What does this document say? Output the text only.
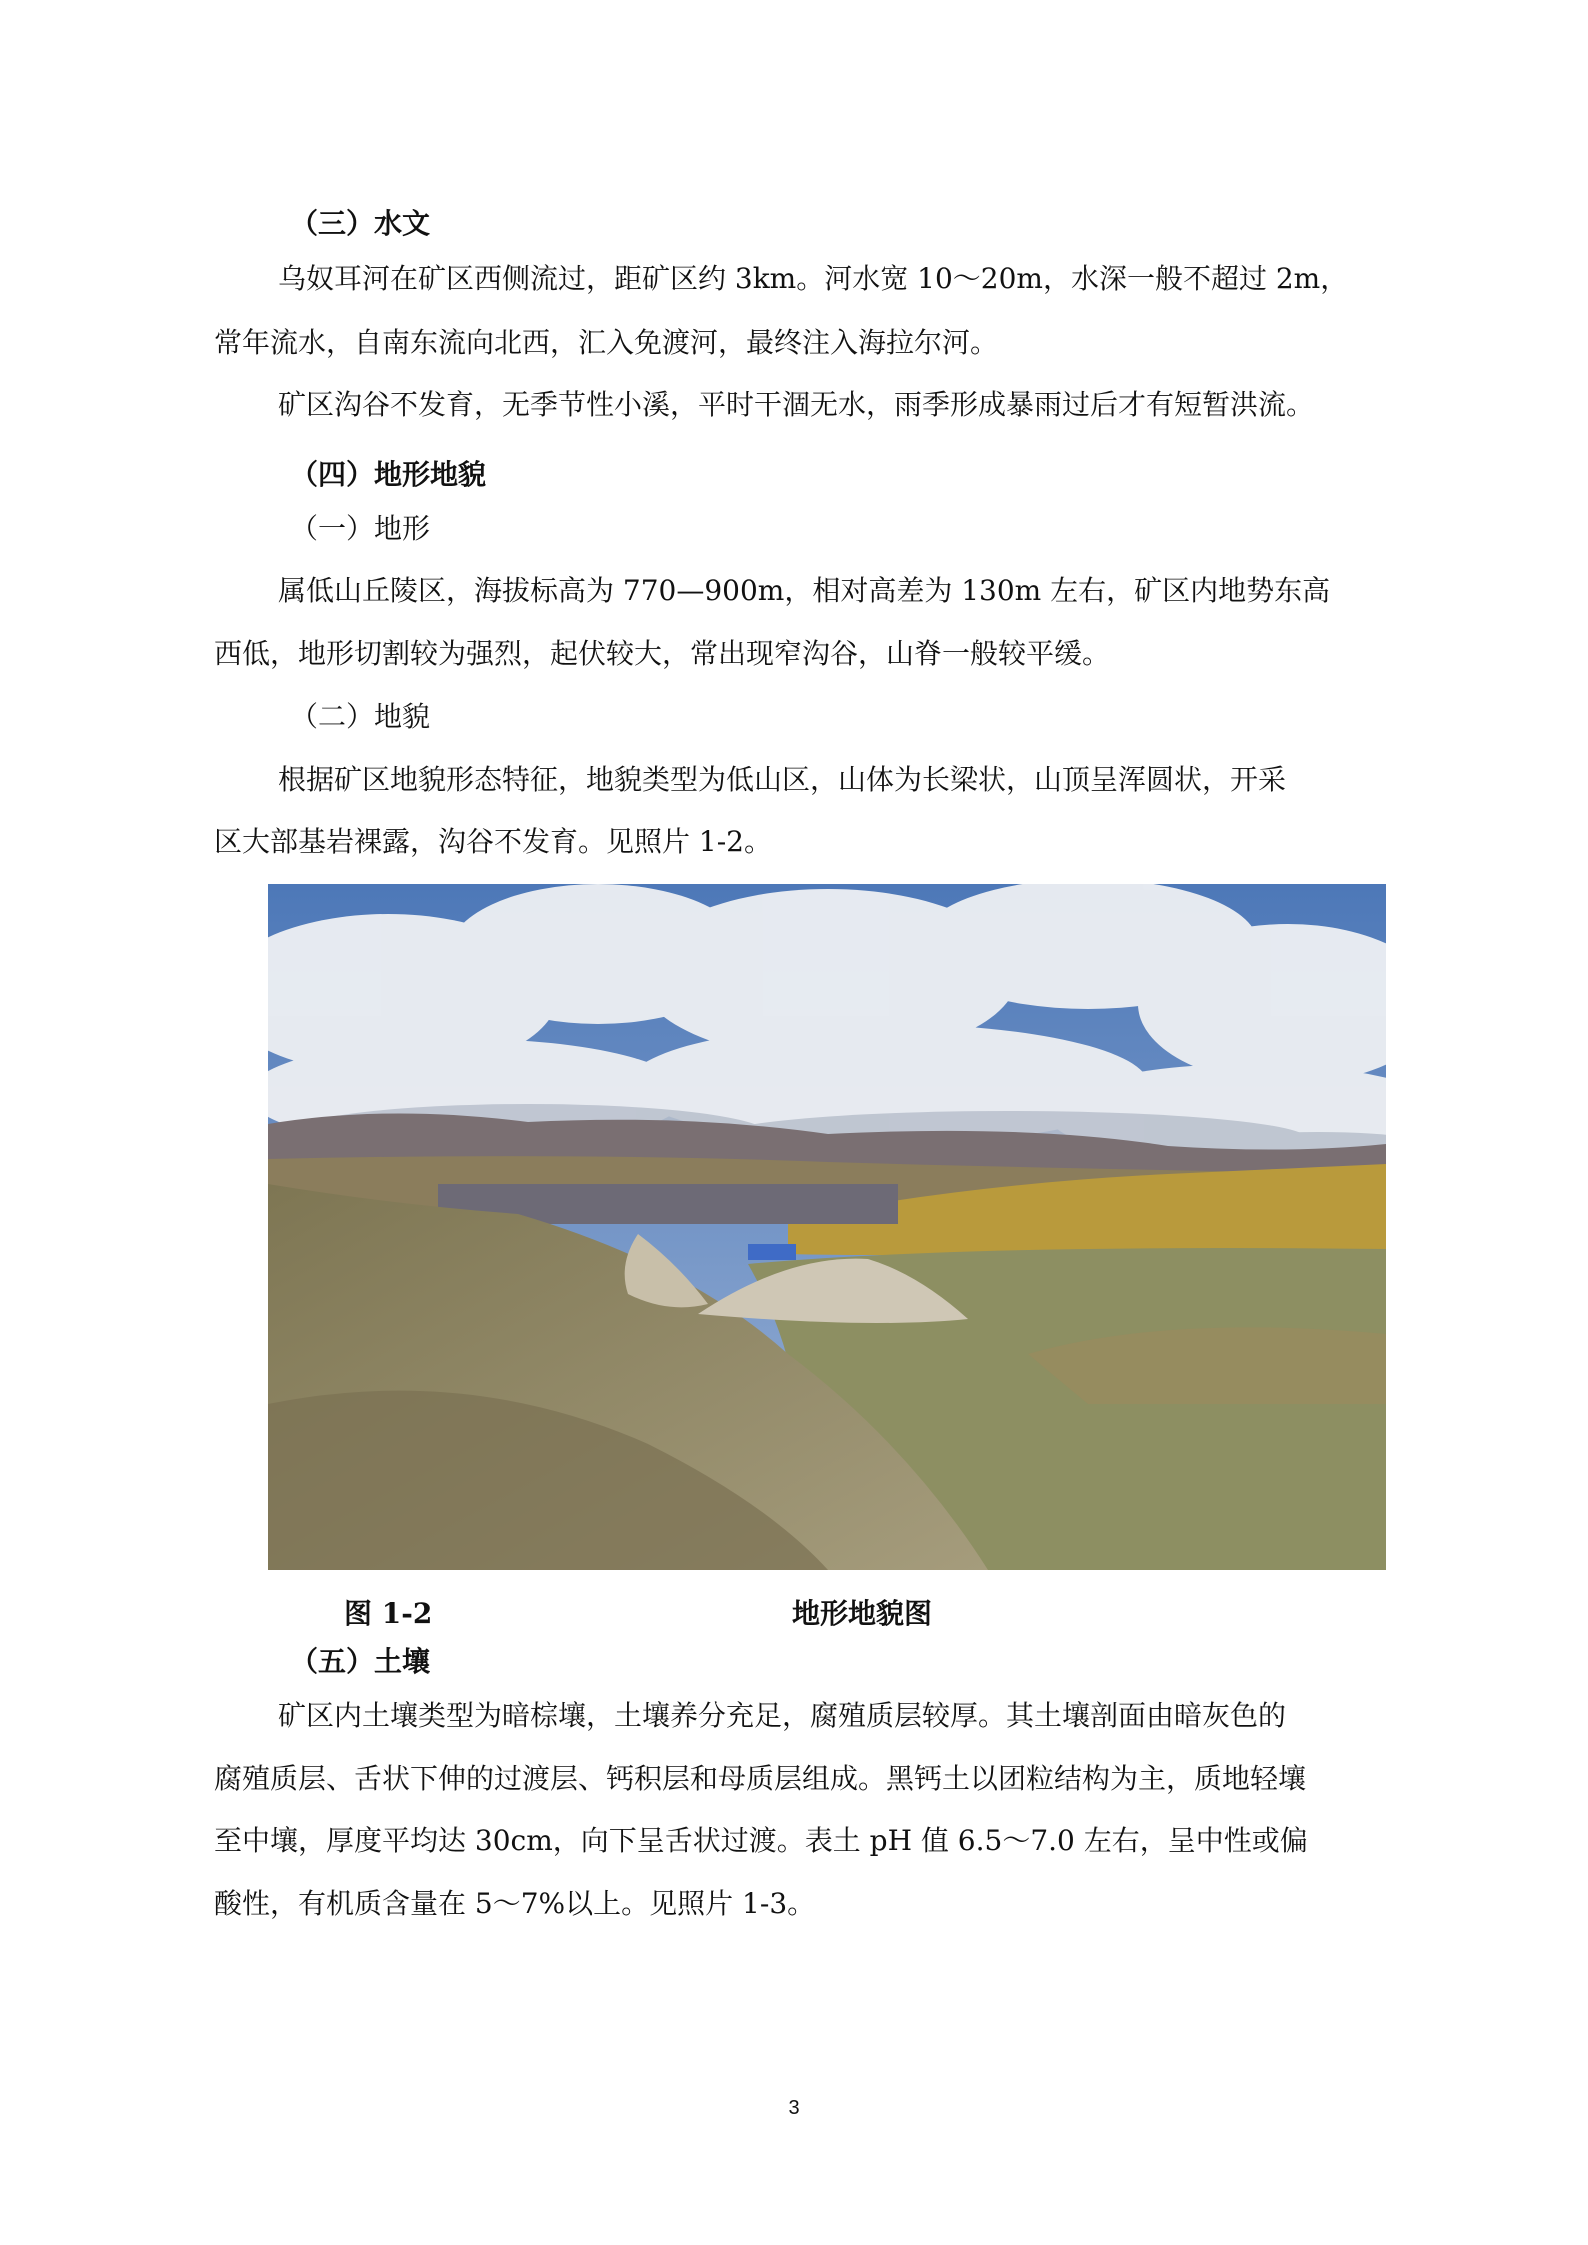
（三）水文
乌奴耳河在矿区西侧流过，距矿区约 3km。河水宽 10～20m，水深一般不超过 2m，
常年流水，自南东流向北西，汇入免渡河，最终注入海拉尔河。
矿区沟谷不发育，无季节性小溪，平时干涸无水，雨季形成暴雨过后才有短暂洪流。
（四）地形地貌
（一）地形
属低山丘陵区，海拔标高为 770—900m，相对高差为 130m 左右，矿区内地势东高
西低，地形切割较为强烈，起伏较大，常出现窄沟谷，山脊一般较平缓。
（二）地貌
根据矿区地貌形态特征，地貌类型为低山区，山体为长梁状，山顶呈浑圆状，开采
区大部基岩裸露，沟谷不发育。见照片 1-2。
图 1-2	地形地貌图
（五）土壤
矿区内土壤类型为暗棕壤，土壤养分充足，腐殖质层较厚。其土壤剖面由暗灰色的
腐殖质层、舌状下伸的过渡层、钙积层和母质层组成。黑钙土以团粒结构为主，质地轻壤
至中壤，厚度平均达 30cm，向下呈舌状过渡。表土 pH 值 6.5～7.0 左右，呈中性或偏
酸性，有机质含量在 5～7%以上。见照片 1-3。
3
